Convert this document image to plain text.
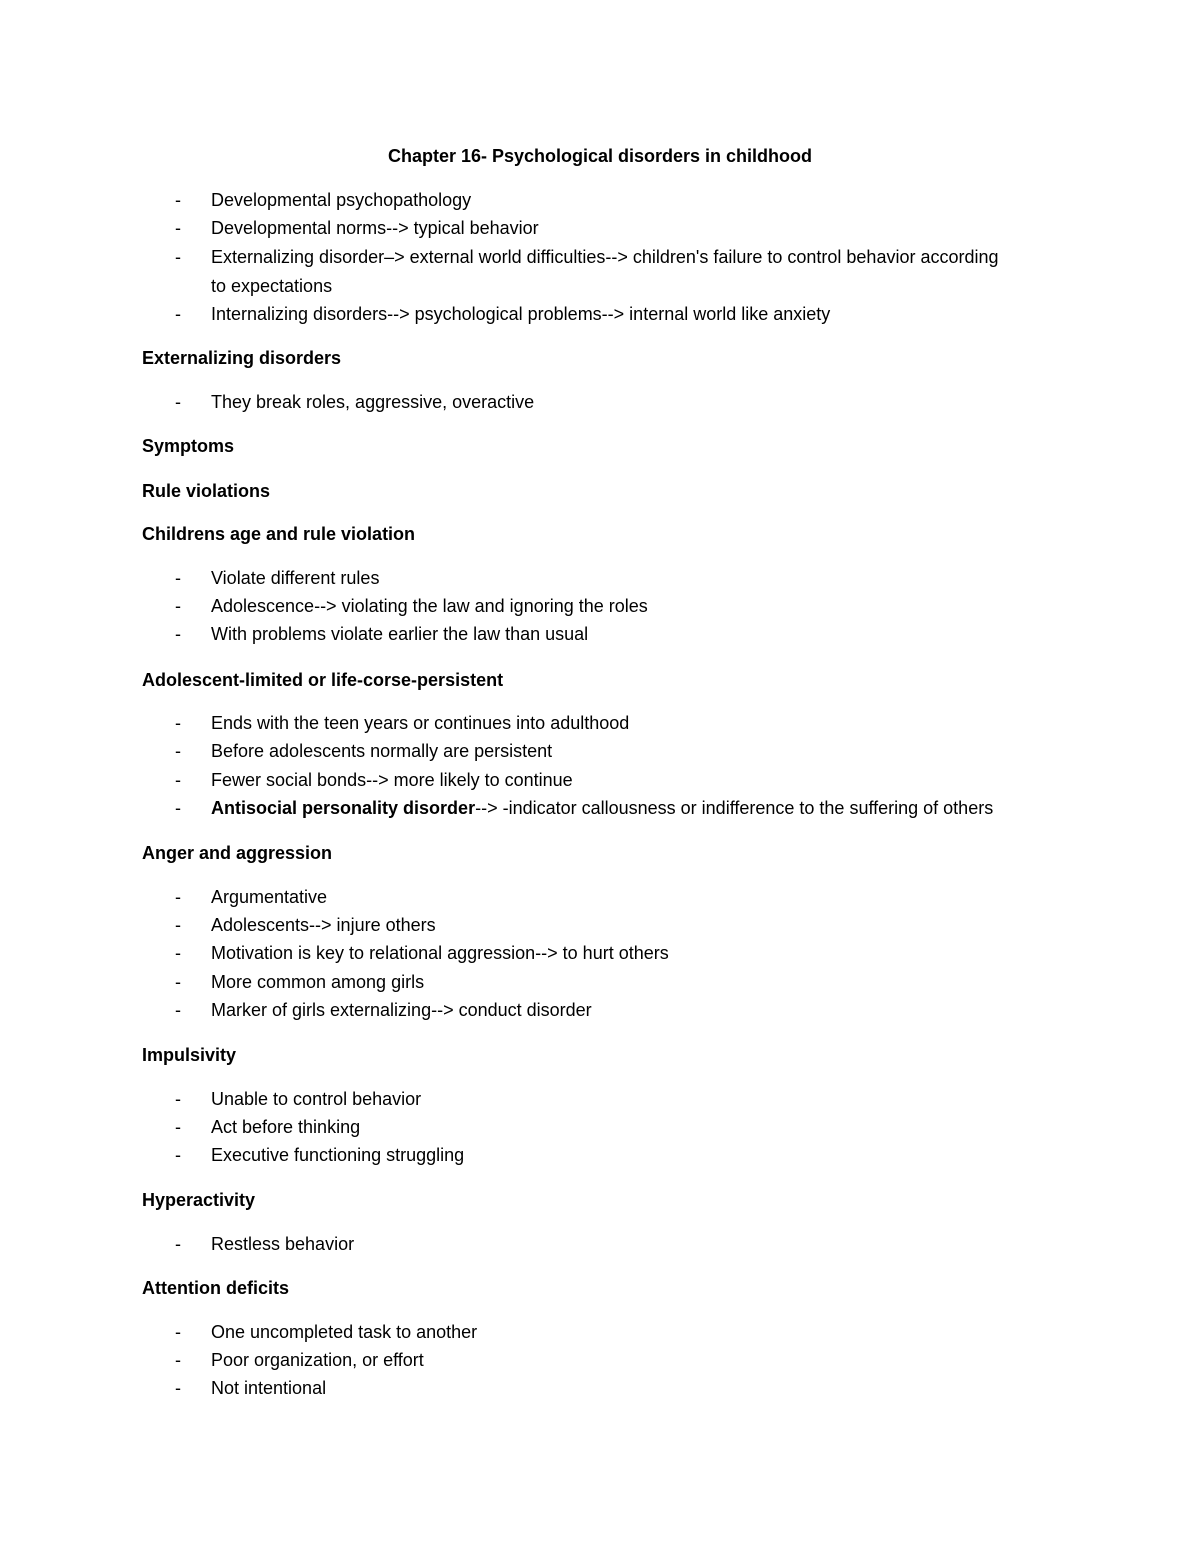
Chapter 16- Psychological disorders in childhood
- Developmental psychopathology
- Developmental norms--> typical behavior
- Externalizing disorder–> external world difficulties--> children's failure to control behavior according to expectations
- Internalizing disorders--> psychological problems--> internal world like anxiety
Externalizing disorders
- They break roles, aggressive, overactive
Symptoms
Rule violations
Childrens age and rule violation
- Violate different rules
- Adolescence--> violating the law and ignoring the roles
- With problems violate earlier the law than usual
Adolescent-limited or life-corse-persistent
- Ends with the teen years or continues into adulthood
- Before adolescents normally are persistent
- Fewer social bonds--> more likely to continue
- Antisocial personality disorder--> -indicator callousness or indifference to the suffering of others
Anger and aggression
- Argumentative
- Adolescents--> injure others
- Motivation is key to relational aggression--> to hurt others
- More common among girls
- Marker of girls externalizing--> conduct disorder
Impulsivity
- Unable to control behavior
- Act before thinking
- Executive functioning struggling
Hyperactivity
- Restless behavior
Attention deficits
- One uncompleted task to another
- Poor organization, or effort
- Not intentional
